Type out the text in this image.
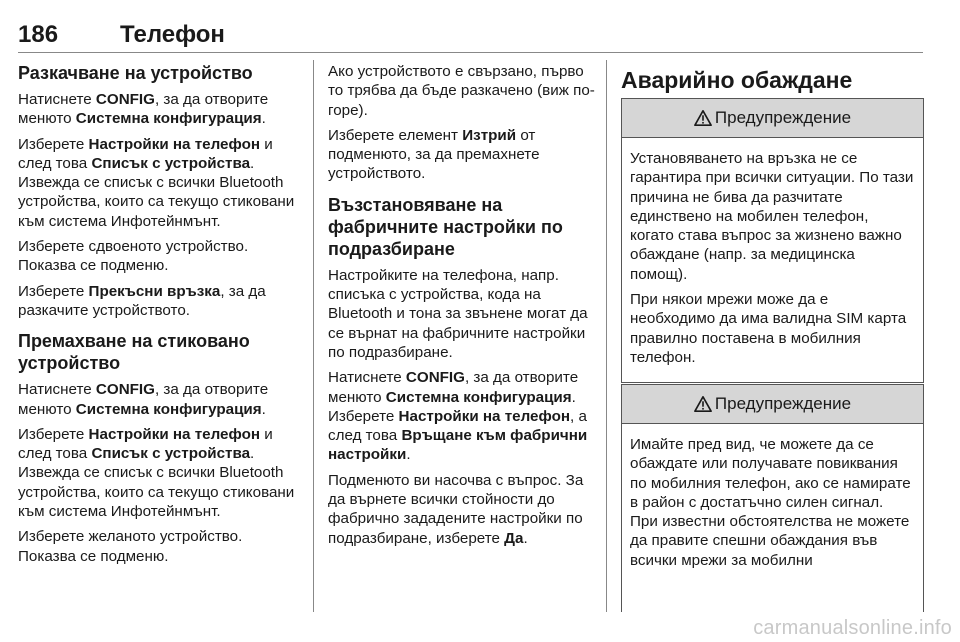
186	Телефон
Разкачване на устройство

Натиснете CONFIG, за да отворите менюто Системна конфигурация.

Изберете Настройки на телефон и след това Списък с устройства. Извежда се списък с всички Bluetooth устройства, които са текущо стиковани към система Инфотейнмънт.

Изберете сдвоеното устройство. Показва се подменю.

Изберете Прекъсни връзка, за да разкачите устройството.

Премахване на стиковано устройство

Натиснете CONFIG, за да отворите менюто Системна конфигурация.

Изберете Настройки на телефон и след това Списък с устройства. Извежда се списък с всички Bluetooth устройства, които са текущо стиковани към система Инфотейнмънт.

Изберете желаното устройство. Показва се подменю.

Ако устройството е свързано, първо то трябва да бъде разкачено (виж по-горе).

Изберете елемент Изтрий от подменюто, за да премахнете устройството.

Възстановяване на фабричните настройки по подразбиране

Настройките на телефона, напр. списъка с устройства, кода на Bluetooth и тона за звънене могат да се върнат на фабричните настройки по подразбиране.

Натиснете CONFIG, за да отворите менюто Системна конфигурация. Изберете Настройки на телефон, а след това Връщане към фабрични настройки.

Подменюто ви насочва с въпрос. За да върнете всички стойности до фабрично зададените настройки по подразбиране, изберете Да.

Аварийно обаждане
Предупреждение

Установяването на връзка не се гарантира при всички ситуации. По тази причина не бива да разчитате единствено на мобилен телефон, когато става въпрос за жизнено важно обаждане (напр. за медицинска помощ).

При някои мрежи може да е необходимо да има валидна SIM карта правилно поставена в мобилния телефон.

Предупреждение

Имайте пред вид, че можете да се обаждате или получавате повиквания по мобилния телефон, ако се намирате в район с достатъчно силен сигнал. При известни обстоятелства не можете да правите спешни обаждания във всички мрежи за мобилни

carmanualsonline.info
